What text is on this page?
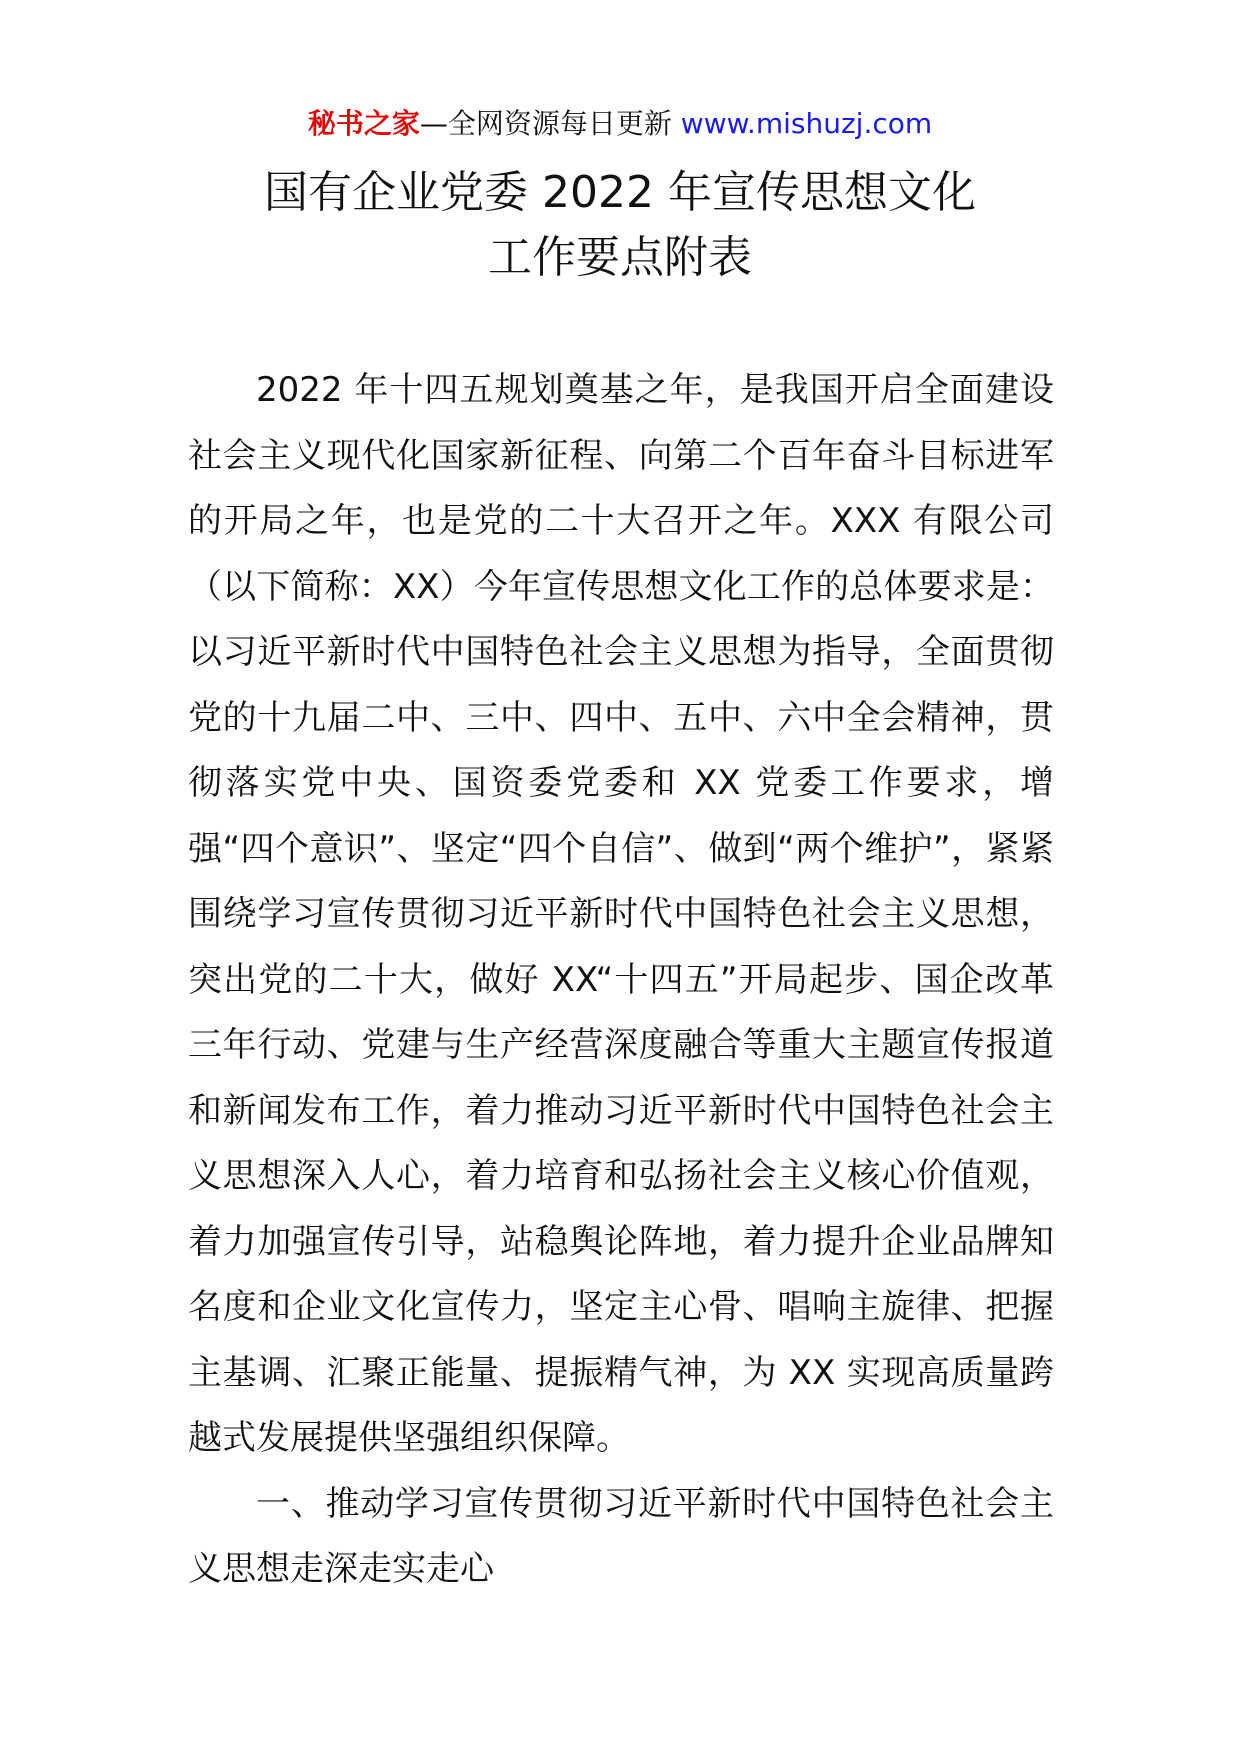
秘书之家—全网资源每日更新 www.mishuzj.com
国有企业党委 2022 年宣传思想文化
工作要点附表

2022 年十四五规划奠基之年，是我国开启全面建设社会主义现代化国家新征程、向第二个百年奋斗目标进军的开局之年，也是党的二十大召开之年。XXX 有限公司（以下简称：XX）今年宣传思想文化工作的总体要求是：以习近平新时代中国特色社会主义思想为指导，全面贯彻党的十九届二中、三中、四中、五中、六中全会精神，贯彻落实党中央、国资委党委和 XX 党委工作要求，增强“四个意识”、坚定“四个自信”、做到“两个维护”，紧紧围绕学习宣传贯彻习近平新时代中国特色社会主义思想，突出党的二十大，做好 XX“十四五”开局起步、国企改革三年行动、党建与生产经营深度融合等重大主题宣传报道和新闻发布工作，着力推动习近平新时代中国特色社会主义思想深入人心，着力培育和弘扬社会主义核心价值观，着力加强宣传引导，站稳舆论阵地，着力提升企业品牌知名度和企业文化宣传力，坚定主心骨、唱响主旋律、把握主基调、汇聚正能量、提振精气神，为 XX 实现高质量跨越式发展提供坚强组织保障。

一、推动学习宣传贯彻习近平新时代中国特色社会主义思想走深走实走心
